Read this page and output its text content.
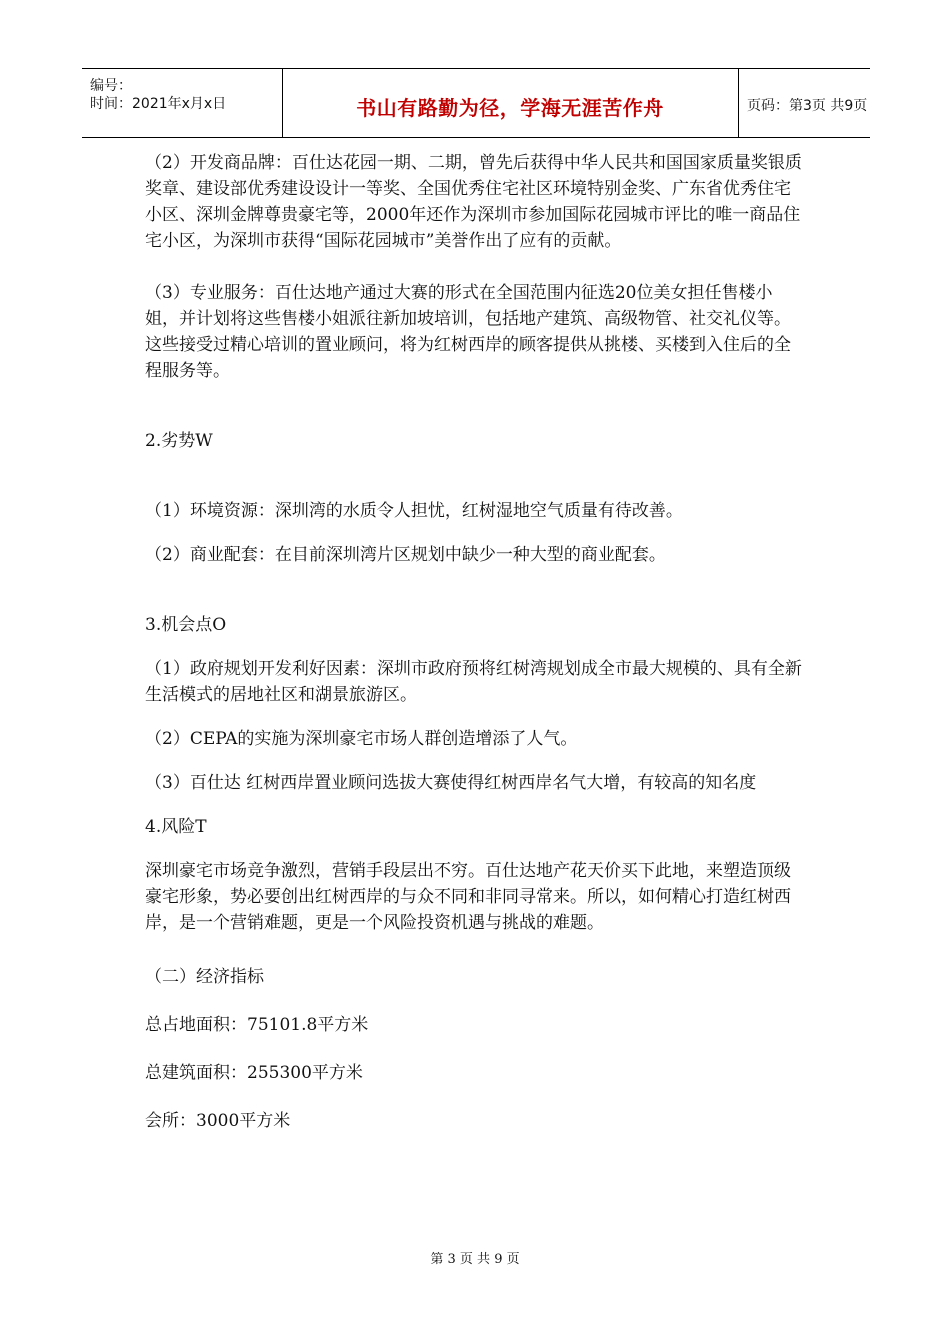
编号：
时间：2021年x月x日	书山有路勤为径，学海无涯苦作舟	页码：第3页 共9页

（2）开发商品牌：百仕达花园一期、二期，曾先后获得中华人民共和国国家质量奖银质奖章、建设部优秀建设设计一等奖、全国优秀住宅社区环境特别金奖、广东省优秀住宅小区、深圳金牌尊贵豪宅等，2000年还作为深圳市参加国际花园城市评比的唯一商品住宅小区，为深圳市获得“国际花园城市”美誉作出了应有的贡献。

（3）专业服务：百仕达地产通过大赛的形式在全国范围内征选20位美女担任售楼小姐，并计划将这些售楼小姐派往新加坡培训，包括地产建筑、高级物管、社交礼仪等。这些接受过精心培训的置业顾问，将为红树西岸的顾客提供从挑楼、买楼到入住后的全程服务等。

2.劣势W

（1）环境资源：深圳湾的水质令人担忧，红树湿地空气质量有待改善。

（2）商业配套：在目前深圳湾片区规划中缺少一种大型的商业配套。

3.机会点O

（1）政府规划开发利好因素：深圳市政府预将红树湾规划成全市最大规模的、具有全新生活模式的居地社区和湖景旅游区。

（2）CEPA的实施为深圳豪宅市场人群创造增添了人气。

（3）百仕达 红树西岸置业顾问选拔大赛使得红树西岸名气大增，有较高的知名度

4.风险T

深圳豪宅市场竞争激烈，营销手段层出不穷。百仕达地产花天价买下此地，来塑造顶级豪宅形象，势必要创出红树西岸的与众不同和非同寻常来。所以，如何精心打造红树西岸，是一个营销难题，更是一个风险投资机遇与挑战的难题。

（二）经济指标

总占地面积：75101.8平方米

总建筑面积：255300平方米

会所：3000平方米

第 3 页 共 9 页
